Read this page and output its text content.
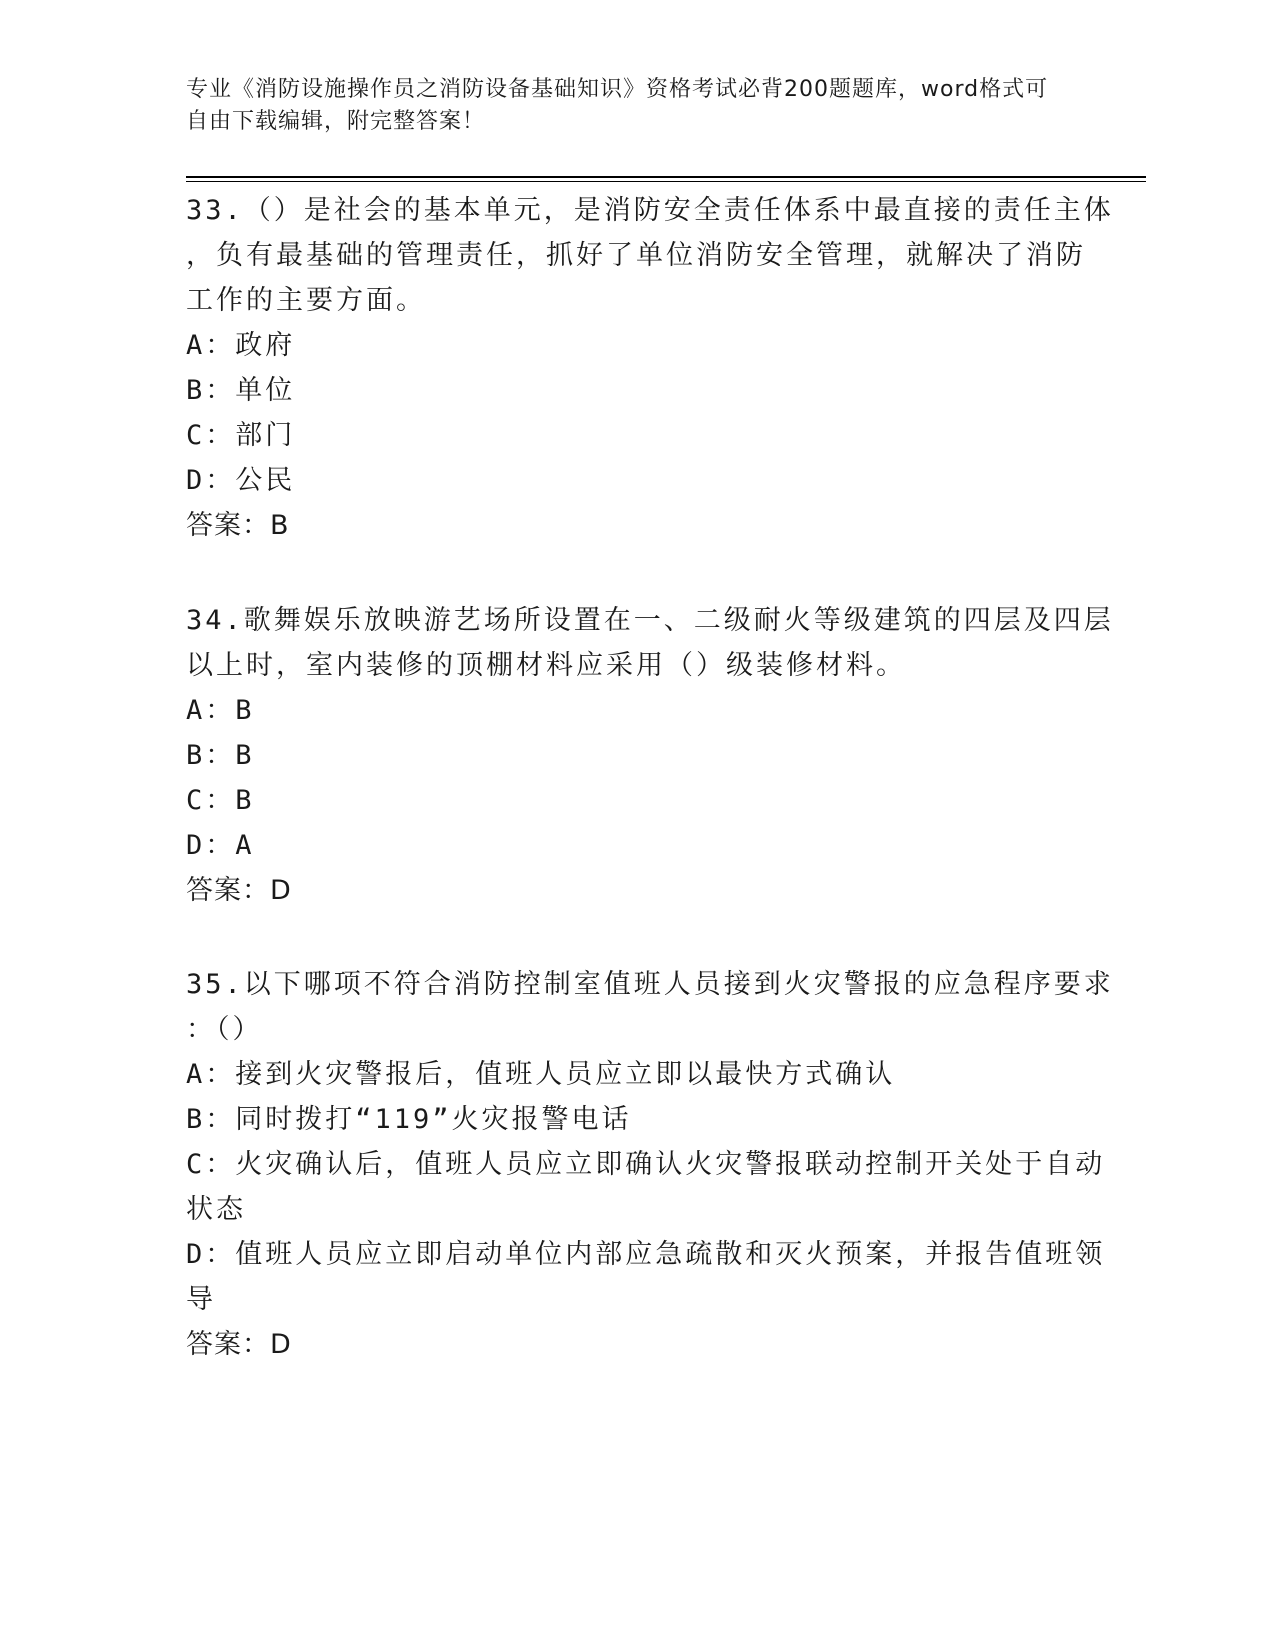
专业《消防设施操作员之消防设备基础知识》资格考试必背200题题库，word格式可自由下载编辑，附完整答案！
33.（）是社会的基本单元，是消防安全责任体系中最直接的责任主体
，负有最基础的管理责任，抓好了单位消防安全管理，就解决了消防
工作的主要方面。
A：政府
B：单位
C：部门
D：公民
答案：B
34.歌舞娱乐放映游艺场所设置在一、二级耐火等级建筑的四层及四层
以上时，室内装修的顶棚材料应采用（）级装修材料。
A：B
B：B
C：B
D：A
答案：D
35.以下哪项不符合消防控制室值班人员接到火灾警报的应急程序要求
：（）
A：接到火灾警报后，值班人员应立即以最快方式确认
B：同时拨打“119”火灾报警电话
C：火灾确认后，值班人员应立即确认火灾警报联动控制开关处于自动
状态
D：值班人员应立即启动单位内部应急疏散和灭火预案，并报告值班领
导
答案：D
